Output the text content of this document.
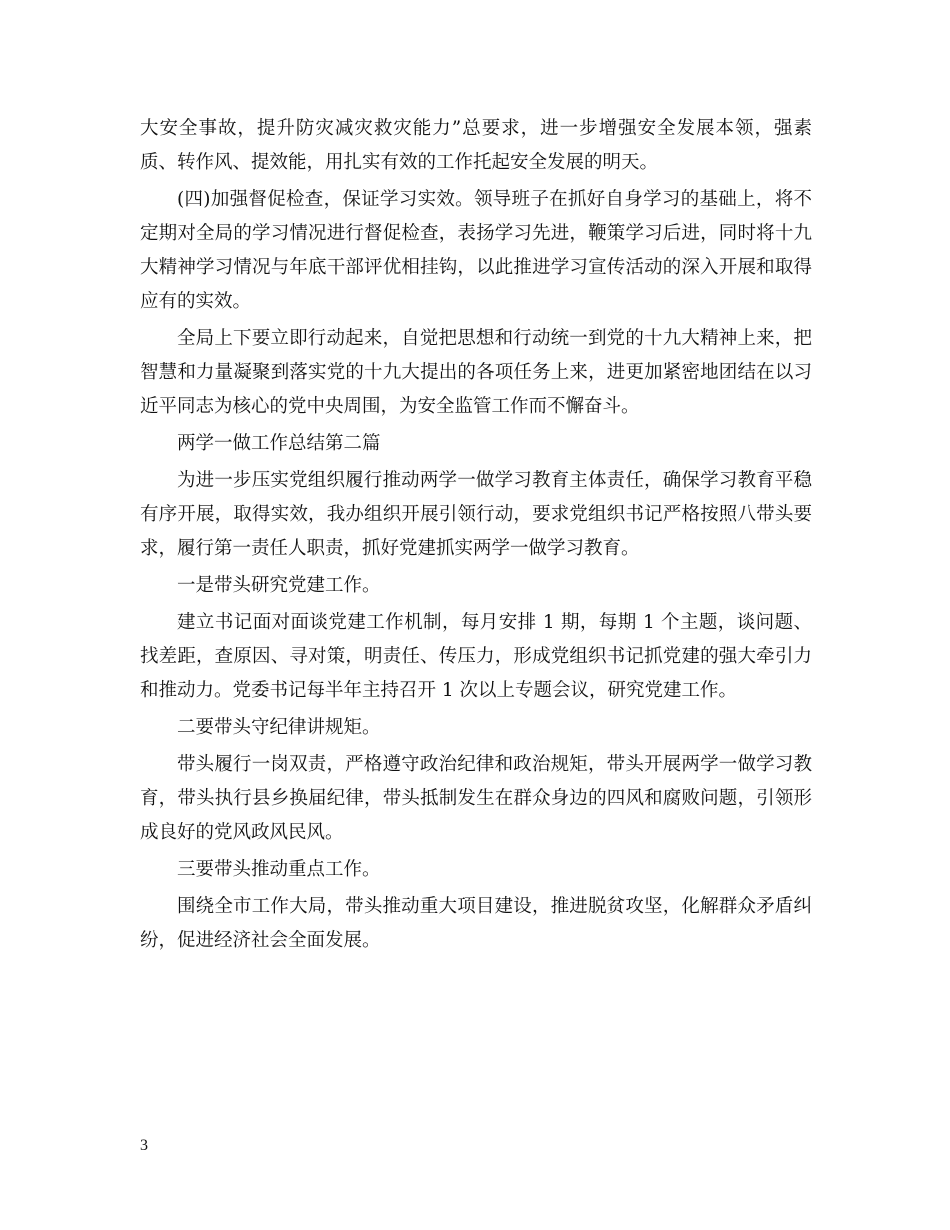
大安全事故，提升防灾减灾救灾能力”总要求，进一步增强安全发展本领，强素质、转作风、提效能，用扎实有效的工作托起安全发展的明天。

(四)加强督促检查，保证学习实效。领导班子在抓好自身学习的基础上，将不定期对全局的学习情况进行督促检查，表扬学习先进，鞭策学习后进，同时将十九大精神学习情况与年底干部评优相挂钩，以此推进学习宣传活动的深入开展和取得应有的实效。

全局上下要立即行动起来，自觉把思想和行动统一到党的十九大精神上来，把智慧和力量凝聚到落实党的十九大提出的各项任务上来，进更加紧密地团结在以习近平同志为核心的党中央周围，为安全监管工作而不懈奋斗。

两学一做工作总结第二篇

为进一步压实党组织履行推动两学一做学习教育主体责任，确保学习教育平稳有序开展，取得实效，我办组织开展引领行动，要求党组织书记严格按照八带头要求，履行第一责任人职责，抓好党建抓实两学一做学习教育。

一是带头研究党建工作。

建立书记面对面谈党建工作机制，每月安排 1 期，每期 1 个主题，谈问题、找差距，查原因、寻对策，明责任、传压力，形成党组织书记抓党建的强大牵引力和推动力。党委书记每半年主持召开 1 次以上专题会议，研究党建工作。

二要带头守纪律讲规矩。

带头履行一岗双责，严格遵守政治纪律和政治规矩，带头开展两学一做学习教育，带头执行县乡换届纪律，带头抵制发生在群众身边的四风和腐败问题，引领形成良好的党风政风民风。

三要带头推动重点工作。

围绕全市工作大局，带头推动重大项目建设，推进脱贫攻坚，化解群众矛盾纠纷，促进经济社会全面发展。

3
